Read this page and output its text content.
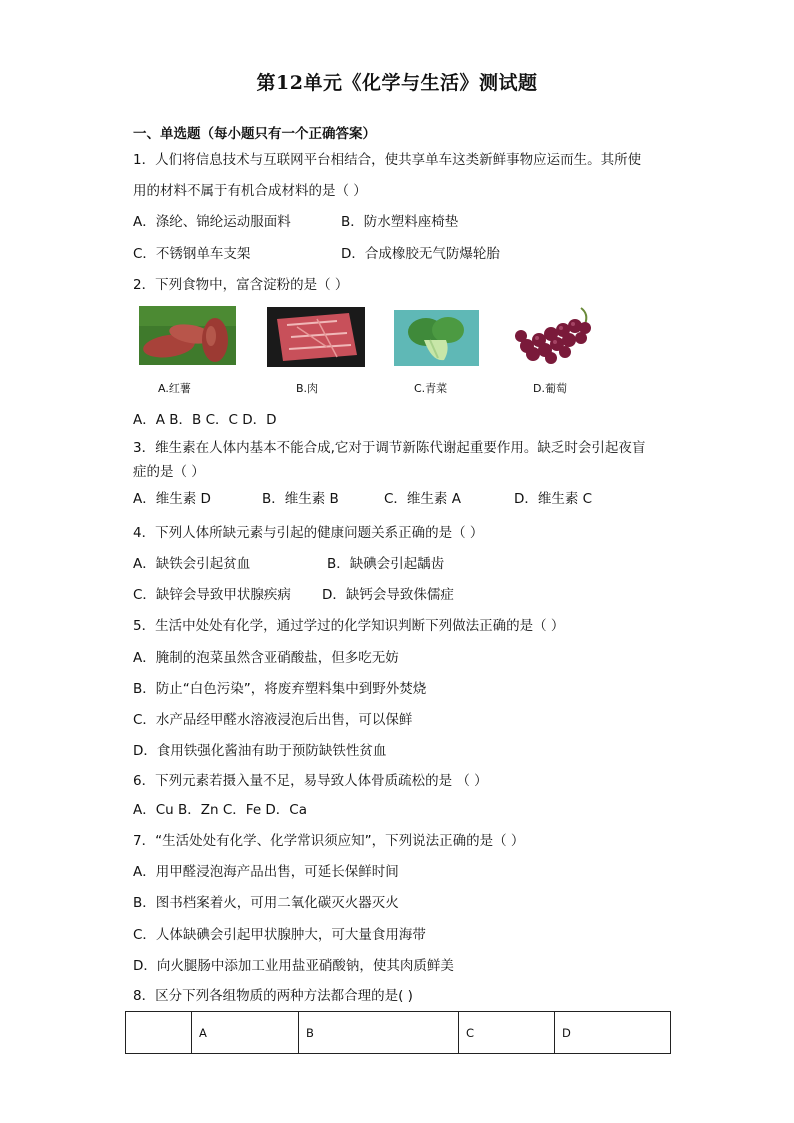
第12单元《化学与生活》测试题
一、单选题（每小题只有一个正确答案）
1．人们将信息技术与互联网平台相结合，使共享单车这类新鲜事物应运而生。其所使
用的材料不属于有机合成材料的是（ ）
A．涤纶、锦纶运动服面料	B．防水塑料座椅垫
C．不锈钢单车支架	D．合成橡胶无气防爆轮胎
2．下列食物中，富含淀粉的是（ ）
A.红薯	B.肉	C.青菜	D.葡萄
A．A B．B C．C D．D
3．维生素在人体内基本不能合成,它对于调节新陈代谢起重要作用。缺乏时会引起夜盲
症的是（ ）
A．维生素 D	B．维生素 B	C．维生素 A	D．维生素 C
4．下列人体所缺元素与引起的健康问题关系正确的是（ ）
A．缺铁会引起贫血	B．缺碘会引起龋齿
C．缺锌会导致甲状腺疾病 D．缺钙会导致侏儒症
5．生活中处处有化学，通过学过的化学知识判断下列做法正确的是（ ）
A．腌制的泡菜虽然含亚硝酸盐，但多吃无妨
B．防止“白色污染”，将废弃塑料集中到野外焚烧
C．水产品经甲醛水溶液浸泡后出售，可以保鲜
D．食用铁强化酱油有助于预防缺铁性贫血
6．下列元素若摄入量不足，易导致人体骨质疏松的是 （ ）
A．Cu B．Zn C．Fe D．Ca
7．“生活处处有化学、化学常识须应知”，下列说法正确的是（ ）
A．用甲醛浸泡海产品出售，可延长保鲜时间
B．图书档案着火，可用二氧化碳灭火器灭火
C．人体缺碘会引起甲状腺肿大，可大量食用海带
D．向火腿肠中添加工业用盐亚硝酸钠，使其肉质鲜美
8．区分下列各组物质的两种方法都合理的是( )
	A	B	C	D
